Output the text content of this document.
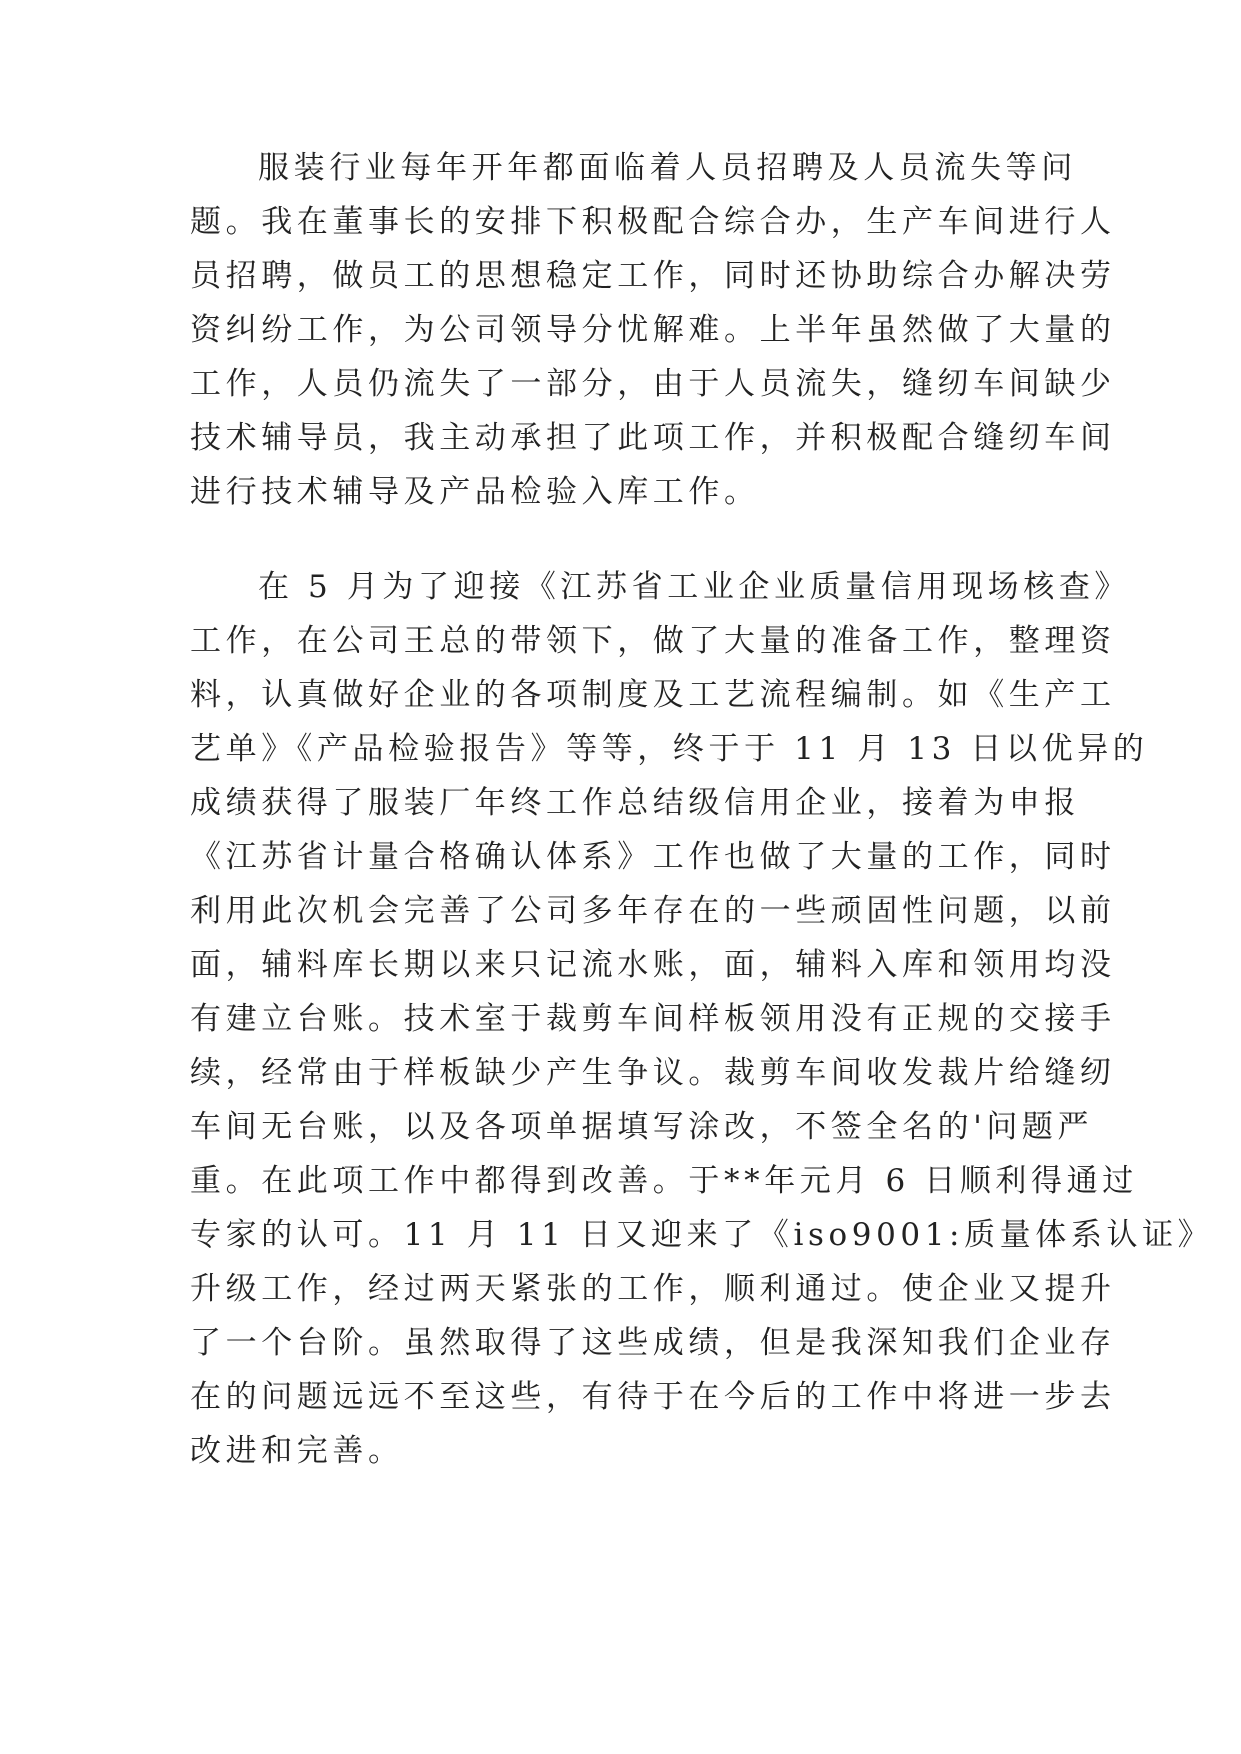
服装行业每年开年都面临着人员招聘及人员流失等问
题。我在董事长的安排下积极配合综合办，生产车间进行人
员招聘，做员工的思想稳定工作，同时还协助综合办解决劳
资纠纷工作，为公司领导分忧解难。上半年虽然做了大量的
工作，人员仍流失了一部分，由于人员流失，缝纫车间缺少
技术辅导员，我主动承担了此项工作，并积极配合缝纫车间
进行技术辅导及产品检验入库工作。
在 5 月为了迎接《江苏省工业企业质量信用现场核查》
工作，在公司王总的带领下，做了大量的准备工作，整理资
料，认真做好企业的各项制度及工艺流程编制。如《生产工
艺单》《产品检验报告》等等，终于于 11 月 13 日以优异的
成绩获得了服装厂年终工作总结级信用企业，接着为申报
《江苏省计量合格确认体系》工作也做了大量的工作，同时
利用此次机会完善了公司多年存在的一些顽固性问题，以前
面，辅料库长期以来只记流水账，面，辅料入库和领用均没
有建立台账。技术室于裁剪车间样板领用没有正规的交接手
续，经常由于样板缺少产生争议。裁剪车间收发裁片给缝纫
车间无台账，以及各项单据填写涂改，不签全名的'问题严
重。在此项工作中都得到改善。于**年元月 6 日顺利得通过
专家的认可。11 月 11 日又迎来了《iso9001:质量体系认证》
升级工作，经过两天紧张的工作，顺利通过。使企业又提升
了一个台阶。虽然取得了这些成绩，但是我深知我们企业存
在的问题远远不至这些，有待于在今后的工作中将进一步去
改进和完善。
